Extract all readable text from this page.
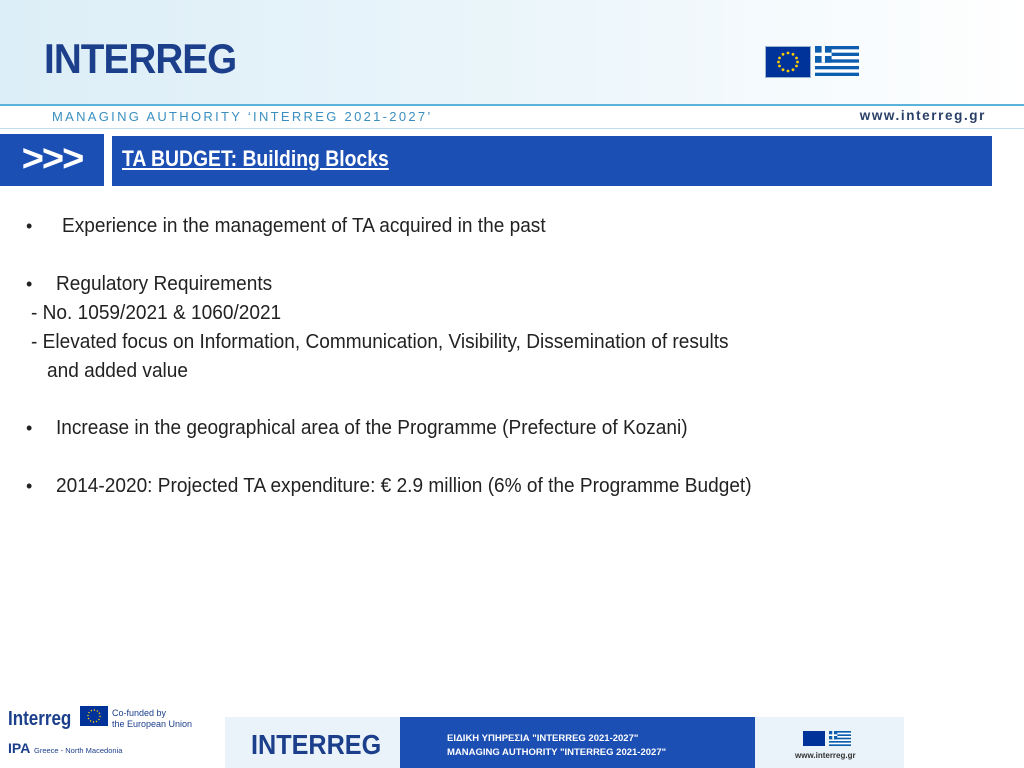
INTERREG
MANAGING AUTHORITY ‘INTERREG 2021-2027’	www.interreg.gr
>>>	TA BUDGET: Building Blocks
• Experience in the management of TA acquired in the past
• Regulatory Requirements
- No. 1059/2021 & 1060/2021
- Elevated focus on Information, Communication, Visibility, Dissemination of results
and added value
• Increase in the geographical area of the Programme (Prefecture of Kozani)
• 2014-2020: Projected TA expenditure: € 2.9 million (6% of the Programme Budget)
Interreg	Co-funded by
the European Union
IPA Greece - North Macedonia	INTERREG	ΕΙΔΙΚΗ ΥΠΗΡΕΣΙΑ "INTERREG 2021-2027"
MANAGING AUTHORITY "INTERREG 2021-2027"	www.interreg.gr
